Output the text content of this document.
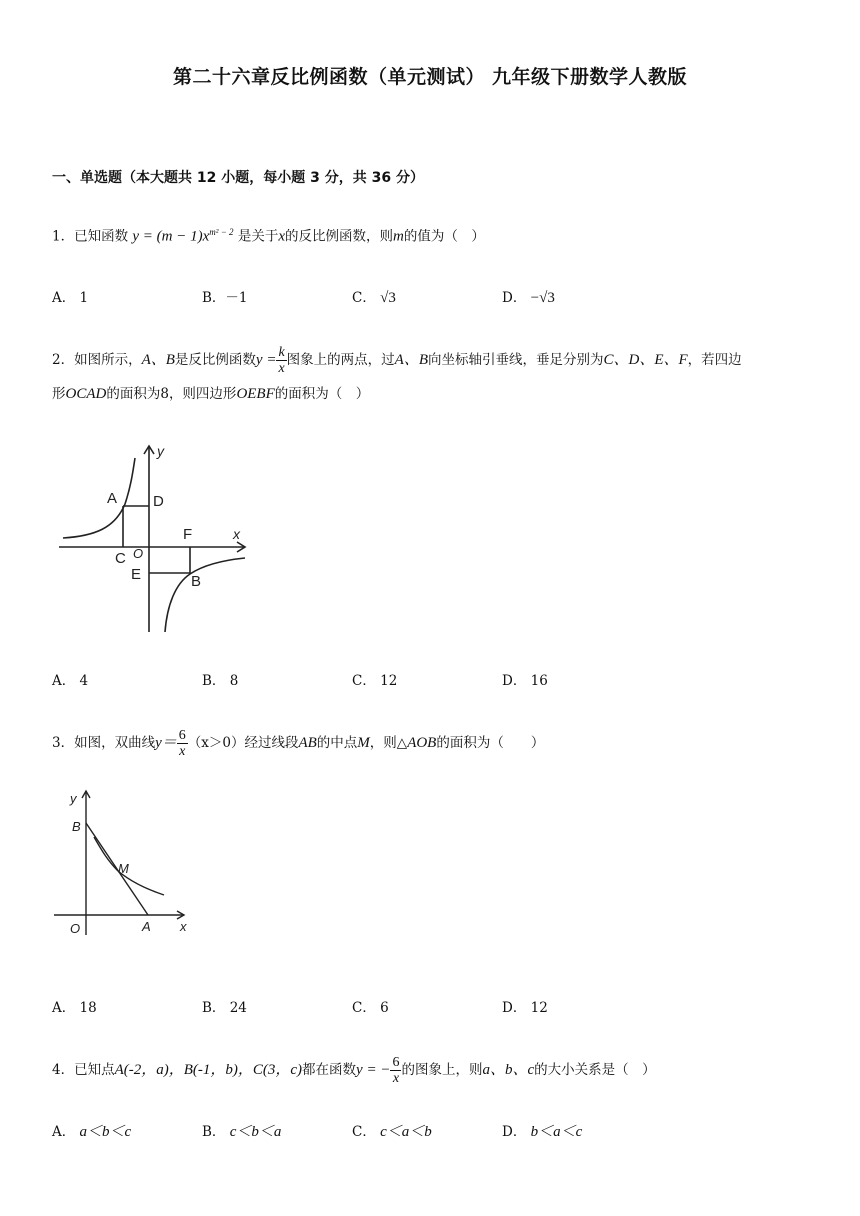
第二十六章反比例函数（单元测试） 九年级下册数学人教版
一、单选题（本大题共 12 小题，每小题 3 分，共 36 分）
1．已知函数 $y = (m - 1)x^{m^2 - 2}$ 是关于x的反比例函数，则m的值为（　）
A． 1	B．－1	C． √3	D． −√3
2．如图所示，A、B是反比例函数$y = \frac{k}{x}$ 图象上的两点，过A、B向坐标轴引垂线，垂足分别为C、D、E、F，若四边
形OCAD的面积为8，则四边形OEBF的面积为（　）
A D
F
C O
E	B
x
y
A． 4	B． 8	C． 12	D． 16
3．如图，双曲线$y= \frac{6}{x} (x>0)$经过线段AB的中点M，则△AOB的面积为（　　）
B
M
O	A x
y
A． 18	B． 24	C． 6	D． 12
4．已知点A(-2，a)，B(-1，b)，C(3，c)都在函数y = − $\frac{6}{x}$ 的图象上，则a、b、c的大小关系是（　）
A． a＜b＜c	B． c＜b＜a	C． c＜a＜b	D． b＜a＜c
